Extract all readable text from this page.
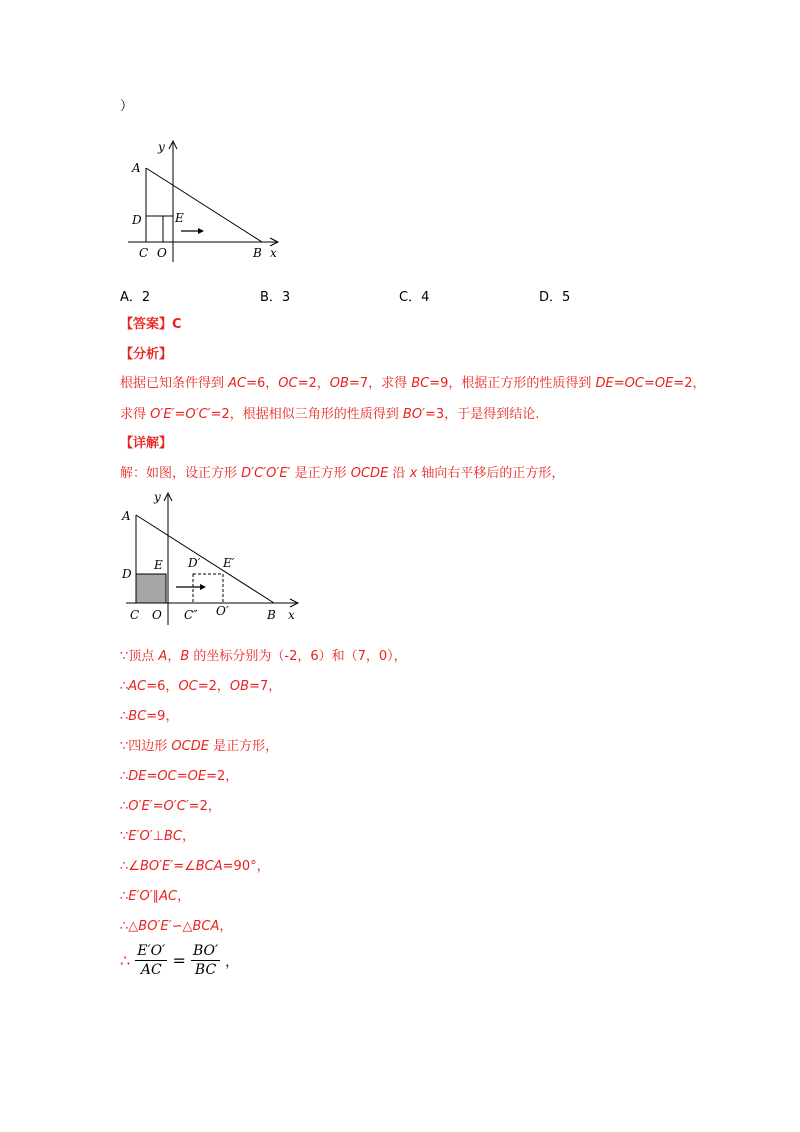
）
y
A
D	E
C O	B x
A．2	B．3	C．4	D．5
【答案】C
【分析】
根据已知条件得到 AC=6，OC=2，OB=7，求得 BC=9，根据正方形的性质得到 DE=OC=OE=2，
求得 O′E′=O′C′=2，根据相似三角形的性质得到 BO′=3，于是得到结论.
【详解】
解：如图，设正方形 D′C′O′E′ 是正方形 OCDE 沿 x 轴向右平移后的正方形，
y
A
D
E D′ E′
C O C″ O′	B x
∵顶点 A，B 的坐标分别为（-2，6）和（7，0），
∴AC=6，OC=2，OB=7，
∴BC=9，
∵四边形 OCDE 是正方形，
∴DE=OC=OE=2，
∴O′E′=O′C′=2，
∵E′O′⊥BC，
∴∠BO′E′=∠BCA=90°，
∴E′O′∥AC，
∴△BO′E′∽△BCA，
∴ $\frac{E'O'}{AC} = \frac{BO'}{BC}$ ，
